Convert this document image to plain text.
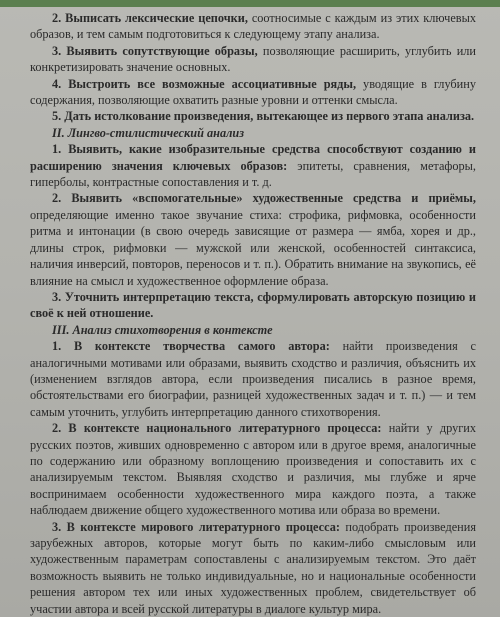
2. Выписать лексические цепочки, соотносимые с каждым из этих ключевых образов, и тем самым подготовиться к следующему этапу анализа.

3. Выявить сопутствующие образы, позволяющие расширить, углубить или конкретизировать значение основных.

4. Выстроить все возможные ассоциативные ряды, уводящие в глубину содержания, позволяющие охватить разные уровни и оттенки смысла.

5. Дать истолкование произведения, вытекающее из первого этапа анализа.

II. Лингво-стилистический анализ

1. Выявить, какие изобразительные средства способствуют созданию и расширению значения ключевых образов: эпитеты, сравнения, метафоры, гиперболы, контрастные сопоставления и т. д.

2. Выявить «вспомогательные» художественные средства и приёмы, определяющие именно такое звучание стиха: строфика, рифмовка, особенности ритма и интонации (в свою очередь зависящие от размера — ямба, хорея и др., длины строк, рифмовки — мужской или женской, особенностей синтаксиса, наличия инверсий, повторов, переносов и т. п.). Обратить внимание на звукопись, её влияние на смысл и художественное оформление образа.

3. Уточнить интерпретацию текста, сформулировать авторскую позицию и своё к ней отношение.

III. Анализ стихотворения в контексте

1. В контексте творчества самого автора: найти произведения с аналогичными мотивами или образами, выявить сходство и различия, объяснить их (изменением взглядов автора, если произведения писались в разное время, обстоятельствами его биографии, разницей художественных задач и т. п.) — и тем самым уточнить, углубить интерпретацию данного стихотворения.

2. В контексте национального литературного процесса: найти у других русских поэтов, живших одновременно с автором или в другое время, аналогичные по содержанию или образному воплощению произведения и сопоставить их с анализируемым текстом. Выявляя сходство и различия, мы глубже и ярче воспринимаем особенности художественного мира каждого поэта, а также наблюдаем движение общего художественного мотива или образа во времени.

3. В контексте мирового литературного процесса: подобрать произведения зарубежных авторов, которые могут быть по каким-либо смысловым или художественным параметрам сопоставлены с анализируемым текстом. Это даёт возможность выявить не только индивидуальные, но и национальные особенности решения автором тех или иных художественных проблем, свидетельствует об участии автора и всей русской литературы в диалоге культур мира.
